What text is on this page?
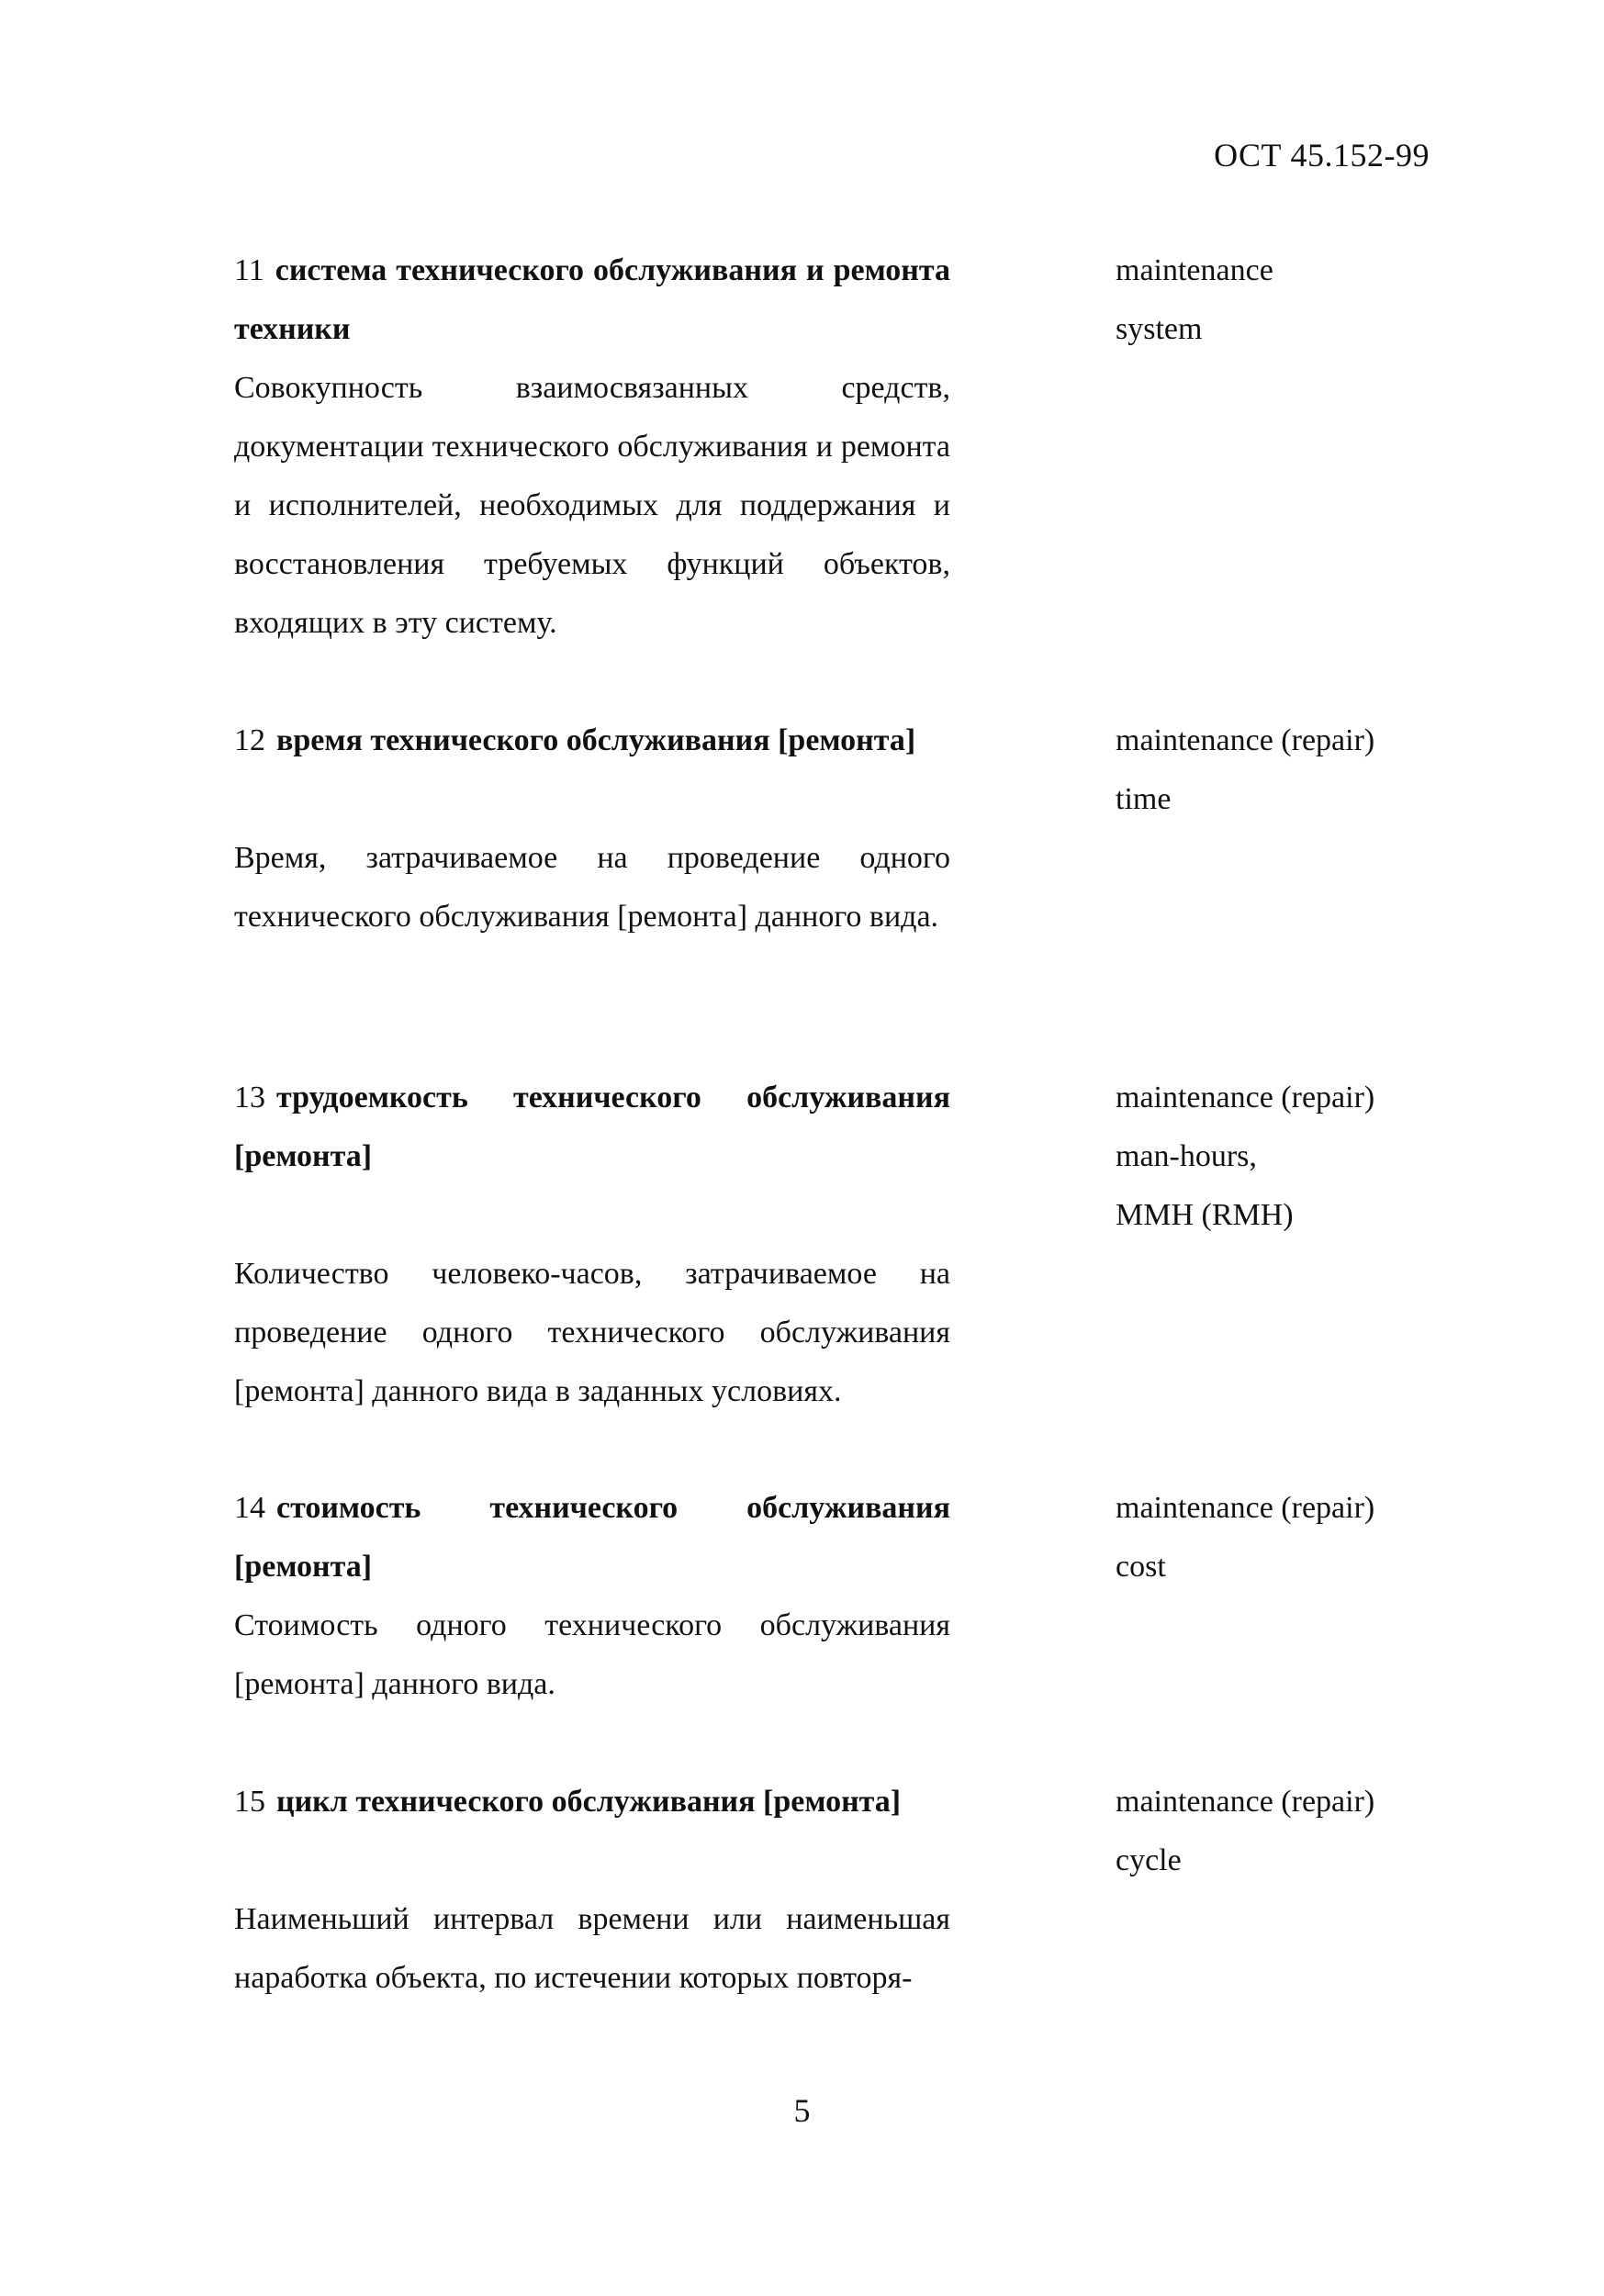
ОСТ 45.152-99
11 система технического обслуживания и ремонта техники
Совокупность взаимосвязанных средств, документации технического обслуживания и ремонта и исполнителей, необходимых для поддержания и восстановления требуемых функций объектов, входящих в эту систему.
maintenance
system
12 время технического обслуживания [ремонта]
Время, затрачиваемое на проведение одного технического обслуживания [ремонта] данного вида.
maintenance (repair)
time
13 трудоемкость технического обслуживания [ремонта]
Количество человеко-часов, затрачиваемое на проведение одного технического обслуживания [ремонта] данного вида в заданных условиях.
maintenance (repair)
man-hours,
MMH (RMH)
14 стоимость технического обслуживания [ремонта]
Стоимость одного технического обслуживания [ремонта] данного вида.
maintenance (repair)
cost
15 цикл технического обслуживания [ремонта]
Наименьший интервал времени или наименьшая наработка объекта, по истечении которых повторя-
maintenance (repair)
cycle
5
